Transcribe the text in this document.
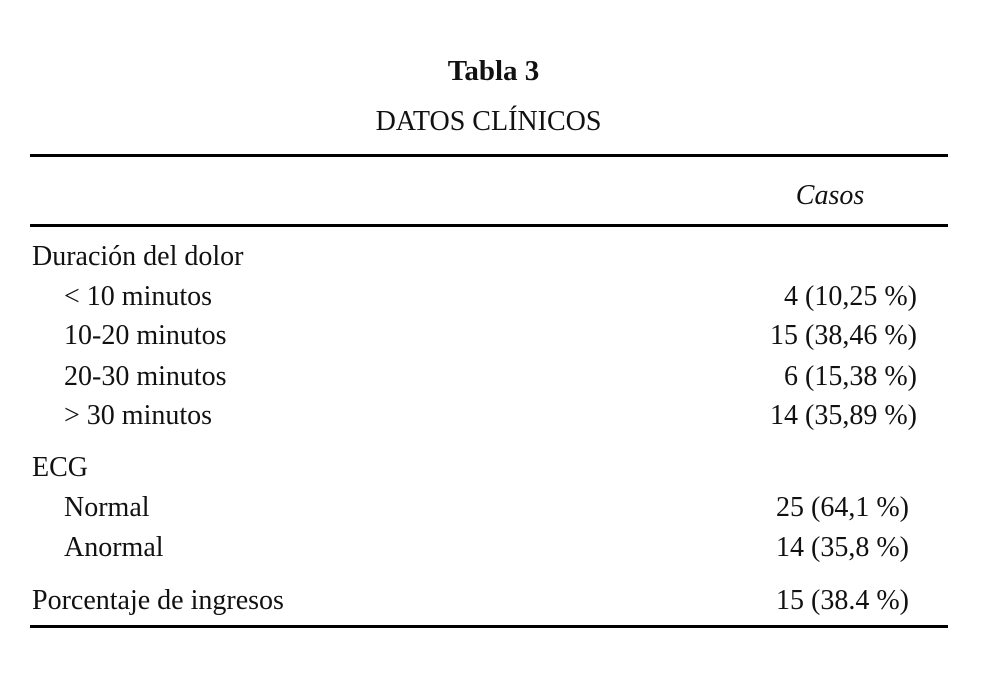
Tabla 3
DATOS CLÍNICOS
Casos
Duración del dolor
< 10 minutos	4 (10,25 %)
10-20 minutos	15 (38,46 %)
20-30 minutos	6 (15,38 %)
> 30 minutos	14 (35,89 %)
ECG
Normal	25 (64,1 %)
Anormal	14 (35,8 %)
Porcentaje de ingresos	15 (38.4 %)
